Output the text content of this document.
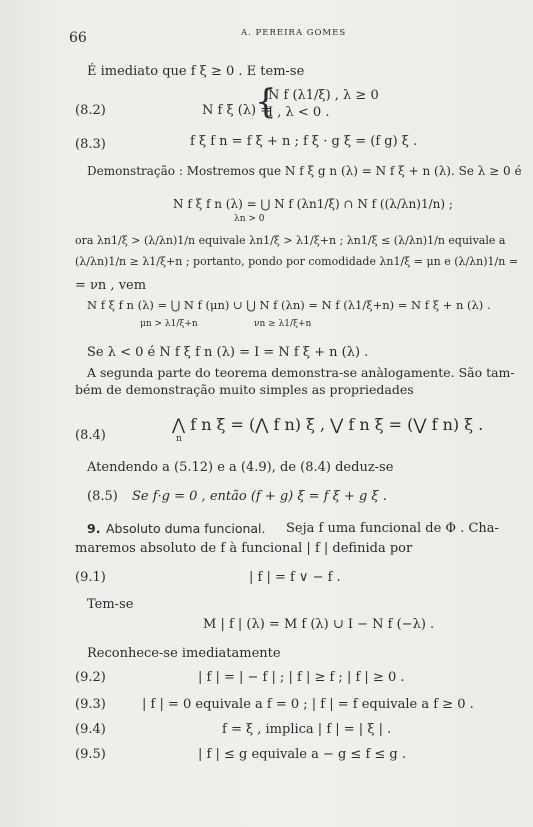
66	A. PEREIRA GOMES
É imediato que f ξ ≥ 0 . E tem-se
(8.2)	N f ξ (λ) =
{
N f (λ1/ξ) , λ ≥ 0
I , λ < 0 .
(8.3)	f ξ f n = f ξ + n ; f ξ · g ξ = (f g) ξ .
Demonstração : Mostremos que N f ξ g n (λ) = N f ξ + n (λ). Se λ ≥ 0 é
N f ξ f n (λ) = ⋃ N f (λn1/ξ) ∩ N f ((λ/λn)1/n) ;
λn > 0
ora λn1/ξ > (λ/λn)1/n equivale λn1/ξ > λ1/ξ+n ; λn1/ξ ≤ (λ/λn)1/n equivale a
(λ/λn)1/n ≥ λ1/ξ+n ; portanto, pondo por comodidade λn1/ξ = μn e (λ/λn)1/n =
= νn , vem
N f ξ f n (λ) = ⋃ N f (μn) ∪ ⋃ N f (λn) = N f (λ1/ξ+n) = N f ξ + n (λ) .
μn > λ1/ξ+n	νn ≥ λ1/ξ+n
Se λ < 0 é N f ξ f n (λ) = I = N f ξ + n (λ) .
A segunda parte do teorema demonstra-se anàlogamente. São tam-
bém de demonstração muito simples as propriedades
(8.4)
⋀ f n ξ = (⋀ f n) ξ , ⋁ f n ξ = (⋁ f n) ξ .
n
Atendendo a (5.12) e a (4.9), de (8.4) deduz-se
(8.5) Se f·g = 0 , então (f + g) ξ = f ξ + g ξ .
9. Absoluto duma funcional. Seja f uma funcional de Φ . Cha-
maremos absoluto de f à funcional | f | definida por
(9.1)	| f | = f ∨ − f .
Tem-se
M | f | (λ) = M f (λ) ∪ I − N f (−λ) .
Reconhece-se imediatamente
(9.2)	| f | = | − f | ; | f | ≥ f ; | f | ≥ 0 .
(9.3)	| f | = 0 equivale a f = 0 ; | f | = f equivale a f ≥ 0 .
(9.4)	f = ξ , implica | f | = | ξ | .
(9.5)	| f | ≤ g equivale a − g ≤ f ≤ g .
